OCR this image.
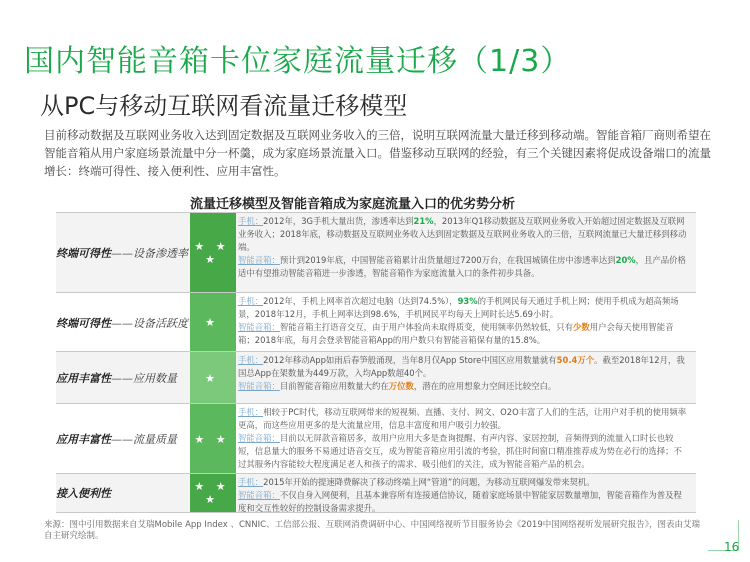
国内智能音箱卡位家庭流量迁移（1/3）
从PC与移动互联网看流量迁移模型
目前移动数据及互联网业务收入达到固定数据及互联网业务收入的三倍，说明互联网流量大量迁移到移动端。智能音箱厂商则希望在智能音箱从用户家庭场景流量中分一杯羹，成为家庭场景流量入口。借鉴移动互联网的经验，有三个关键因素将促成设备端口的流量增长：终端可得性、接入便利性、应用丰富性。
流量迁移模型及智能音箱成为家庭流量入口的优劣势分析
终端可得性——设备渗透率
★ ★ ★
手机：2012年，3G手机大量出货，渗透率达到21%，2013年Q1移动数据及互联网业务收入开始超过固定数据及互联网业务收入；2018年底，移动数据及互联网业务收入达到固定数据及互联网业务收入的三倍，互联网流量已大量迁移到移动端。
智能音箱：预计到2019年底，中国智能音箱累计出货量超过7200万台，在我国城镇住房中渗透率达到20%，且产品价格适中有望推动智能音箱进一步渗透，智能音箱作为家庭流量入口的条件初步具备。
终端可得性——设备活跃度	★
手机：2012年，手机上网率首次超过电脑（达到74.5%），93%的手机网民每天通过手机上网；使用手机成为超高频场景，2018年12月，手机上网率达到98.6%，手机网民平均每天上网时长达5.69小时。
智能音箱：智能音箱主打语音交互，由于用户体验尚未取得质变，使用频率仍然较低，只有少数用户会每天使用智能音箱；2018年底，每月会登录智能音箱App的用户数只有智能音箱保有量的15.8%。
应用丰富性——应用数量	★
手机：2012年移动App如雨后春笋般涌现，当年8月仅App Store中国区应用数量就有50.4万个。截至2018年12月，我国总App在架数量为449万款，入均App数超40个。
智能音箱：目前智能音箱应用数量大约在万位数，潜在的应用想象力空间还比较空白。
应用丰富性——流量质量	★ ★
手机：相较于PC时代，移动互联网带来的短视频、直播、支付、网文、O2O丰富了人们的生活，让用户对手机的使用频率更高，而这些应用更多的是大流量应用，信息丰富度和用户吸引力较强。
智能音箱：目前以无屏款音箱居多，故用户应用大多是查询提醒、有声内容、家居控制，音频得到的流量入口时长也较短，信息量大的服务不易通过语音交互，成为智能音箱应用引流的考验，抓住时间窗口精准推荐成为势在必行的选择；不过其服务内容能较大程度满足老人和孩子的需求、吸引他们的关注，成为智能音箱产品的机会。
接入便利性
★ ★ ★
手机：2015年开始的提速降费解决了移动终端上网“管道”的问题，为移动互联网爆发带来契机。
智能音箱：不仅自身入网便利，且基本兼容所有连接通信协议，随着家庭场景中智能家居数量增加，智能音箱作为普及程度和交互性较好的控制设备需求提升。
来源：图中引用数据来自艾瑞Mobile App Index 、CNNIC、工信部公报、互联网消费调研中心、中国网络视听节目服务协会《2019中国网络视听发展研究报告》，图表由艾瑞自主研究绘制。
16
